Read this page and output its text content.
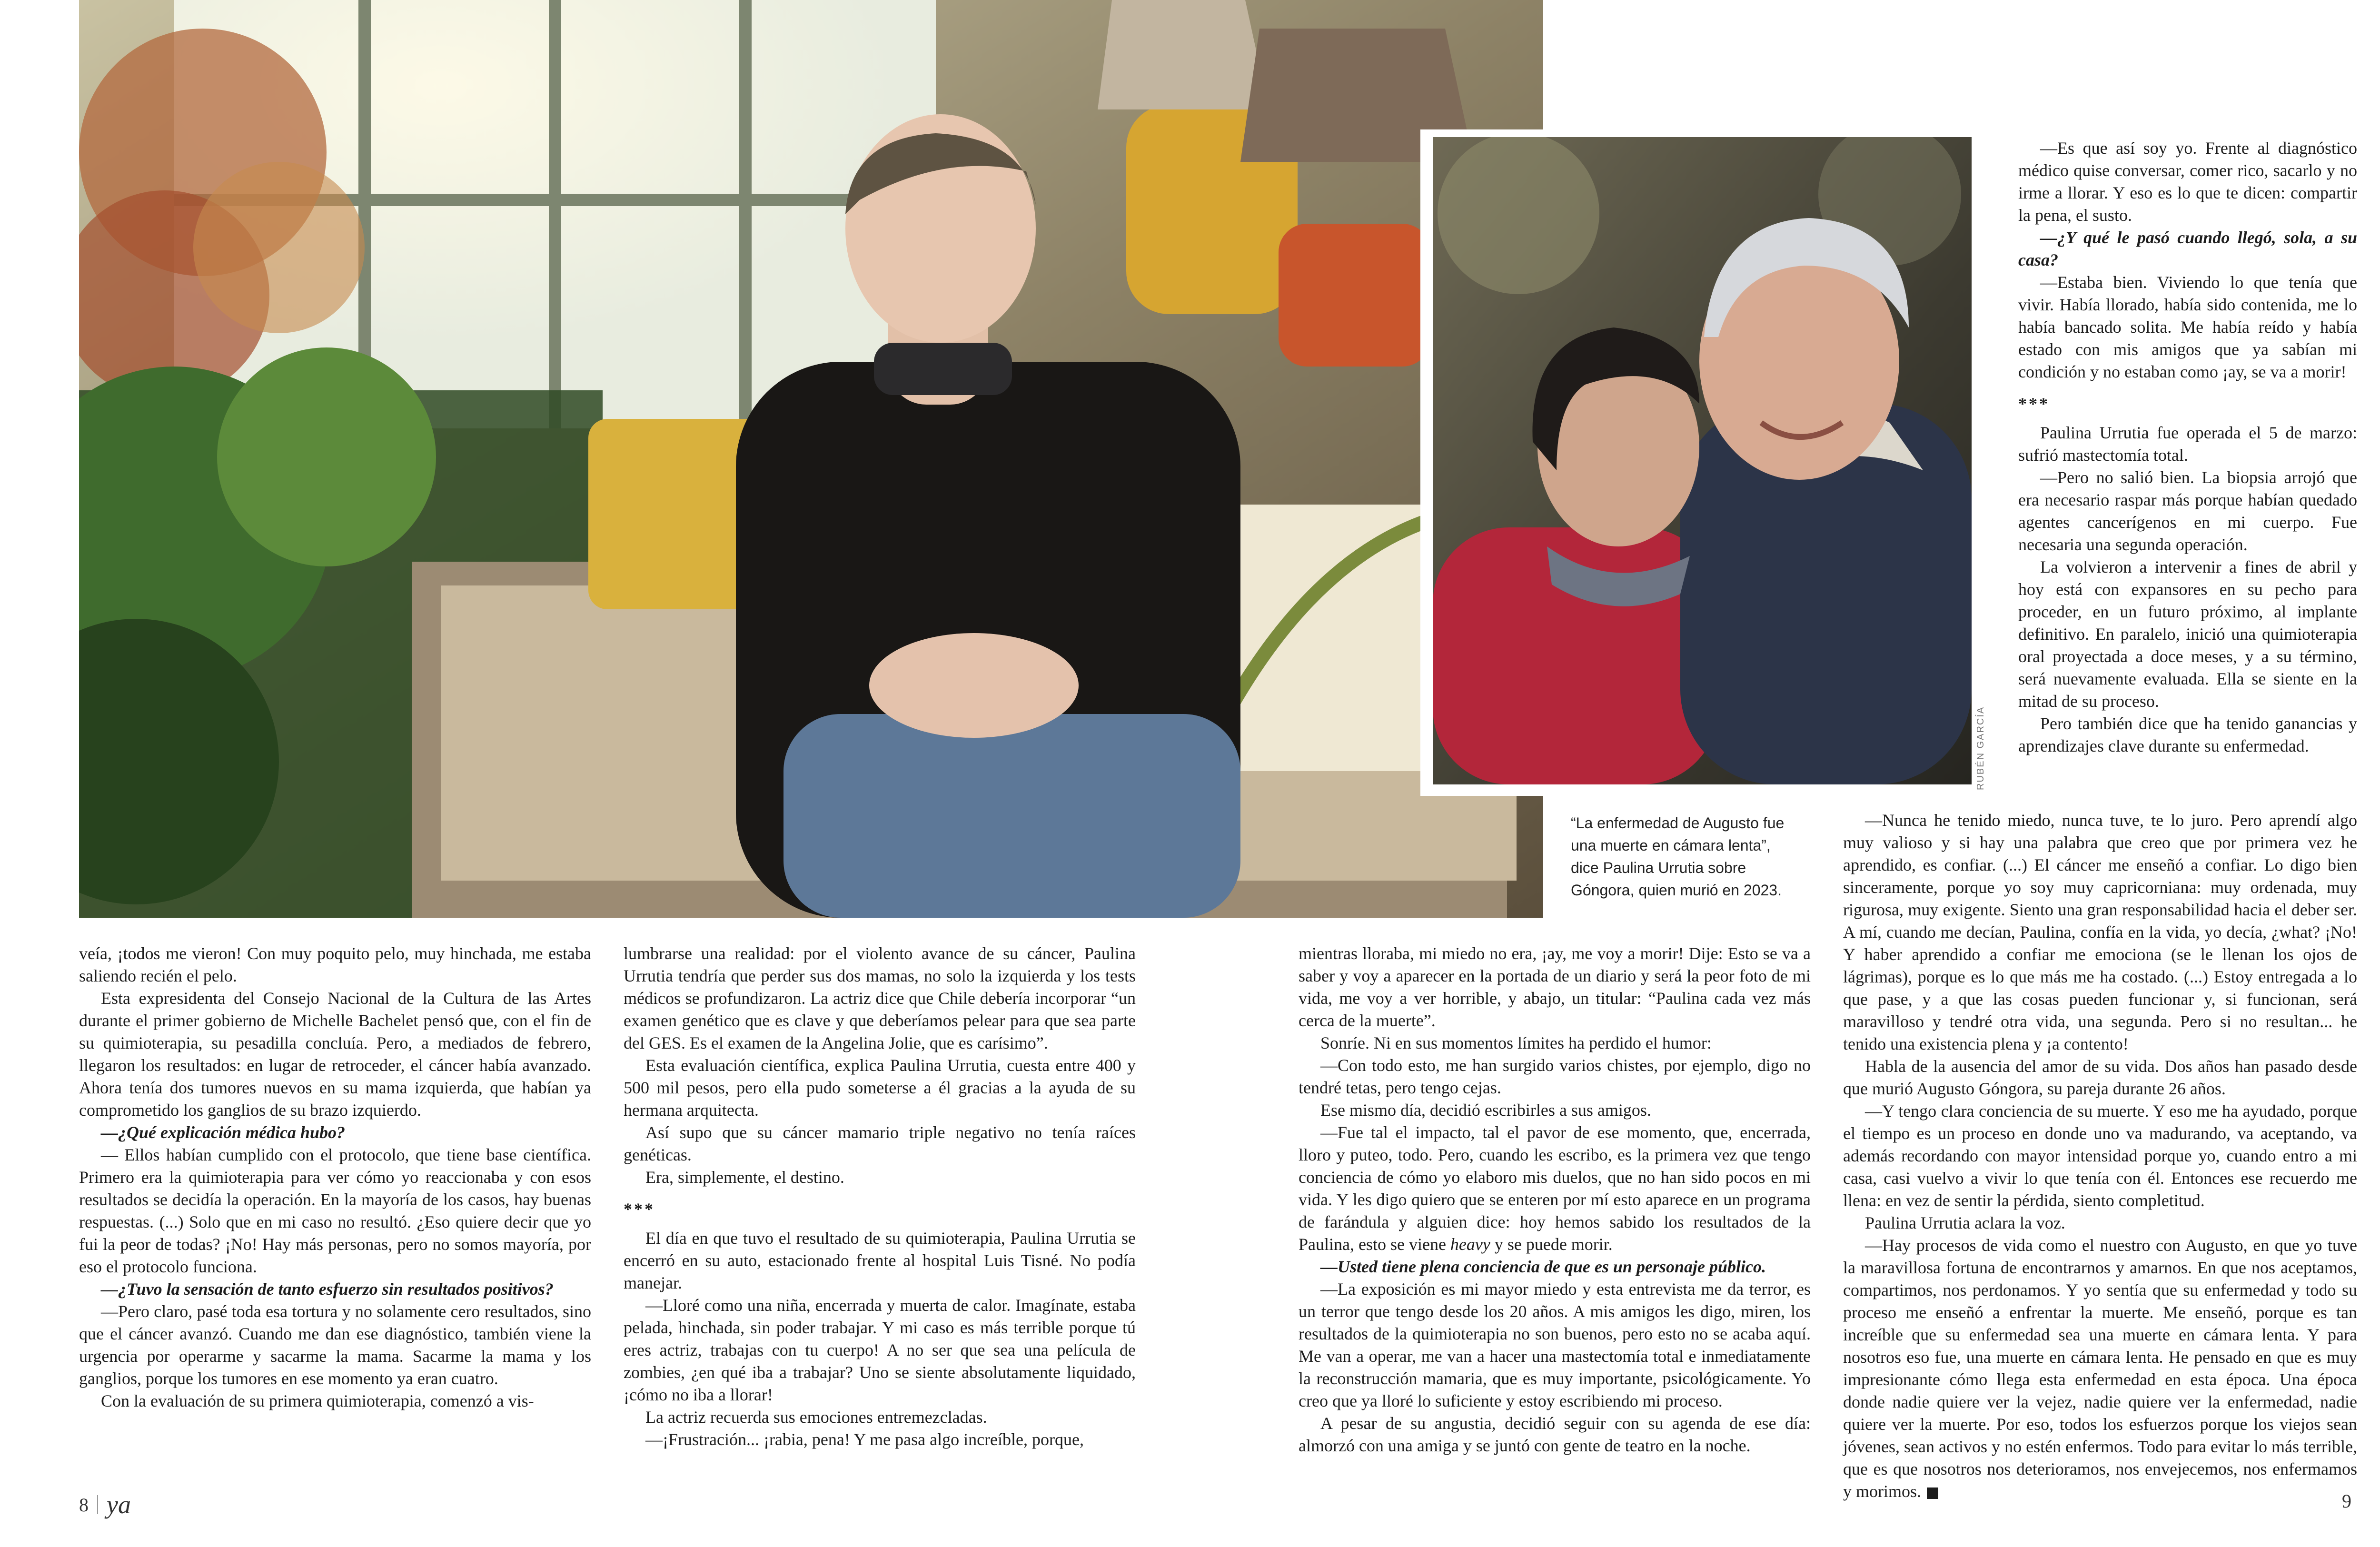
RUBÉN GARCÍA
“La enfermedad de Augusto fue una muerte en cámara lenta”, dice Paulina Urrutia sobre Góngora, quien murió en 2023.

veía, ¡todos me vieron! Con muy poquito pelo, muy hinchada, me estaba saliendo recién el pelo.

Esta expresidenta del Consejo Nacional de la Cultura de las Artes durante el primer gobierno de Michelle Bachelet pensó que, con el fin de su quimioterapia, su pesadilla concluía. Pero, a mediados de febrero, llegaron los resultados: en lugar de retroceder, el cáncer había avanzado. Ahora tenía dos tumores nuevos en su mama izquierda, que habían ya comprometido los ganglios de su brazo izquierdo.

—¿Qué explicación médica hubo?

— Ellos habían cumplido con el protocolo, que tiene base científica. Primero era la quimioterapia para ver cómo yo reaccionaba y con esos resultados se decidía la operación. En la mayoría de los casos, hay buenas respuestas. (...) Solo que en mi caso no resultó. ¿Eso quiere decir que yo fui la peor de todas? ¡No! Hay más personas, pero no somos mayoría, por eso el protocolo funciona.

—¿Tuvo la sensación de tanto esfuerzo sin resultados positivos?

—Pero claro, pasé toda esa tortura y no solamente cero resultados, sino que el cáncer avanzó. Cuando me dan ese diagnóstico, también viene la urgencia por operarme y sacarme la mama. Sacarme la mama y los ganglios, porque los tumores en ese momento ya eran cuatro.

Con la evaluación de su primera quimioterapia, comenzó a vis-

lumbrarse una realidad: por el violento avance de su cáncer, Paulina Urrutia tendría que perder sus dos mamas, no solo la izquierda y los tests médicos se profundizaron. La actriz dice que Chile debería incorporar “un examen genético que es clave y que deberíamos pelear para que sea parte del GES. Es el examen de la Angelina Jolie, que es carísimo”.

Esta evaluación científica, explica Paulina Urrutia, cuesta entre 400 y 500 mil pesos, pero ella pudo someterse a él gracias a la ayuda de su hermana arquitecta.

Así supo que su cáncer mamario triple negativo no tenía raíces genéticas.

Era, simplemente, el destino.

***

El día en que tuvo el resultado de su quimioterapia, Paulina Urrutia se encerró en su auto, estacionado frente al hospital Luis Tisné. No podía manejar.

—Lloré como una niña, encerrada y muerta de calor. Imagínate, estaba pelada, hinchada, sin poder trabajar. Y mi caso es más terrible porque tú eres actriz, trabajas con tu cuerpo! A no ser que sea una película de zombies, ¿en qué iba a trabajar? Uno se siente absolutamente liquidado, ¡cómo no iba a llorar!

La actriz recuerda sus emociones entremezcladas.

—¡Frustración... ¡rabia, pena! Y me pasa algo increíble, porque,

mientras lloraba, mi miedo no era, ¡ay, me voy a morir! Dije: Esto se va a saber y voy a aparecer en la portada de un diario y será la peor foto de mi vida, me voy a ver horrible, y abajo, un titular: “Paulina cada vez más cerca de la muerte”.

Sonríe. Ni en sus momentos límites ha perdido el humor:

—Con todo esto, me han surgido varios chistes, por ejemplo, digo no tendré tetas, pero tengo cejas.

Ese mismo día, decidió escribirles a sus amigos.

—Fue tal el impacto, tal el pavor de ese momento, que, encerrada, lloro y puteo, todo. Pero, cuando les escribo, es la primera vez que tengo conciencia de cómo yo elaboro mis duelos, que no han sido pocos en mi vida. Y les digo quiero que se enteren por mí esto aparece en un programa de farándula y alguien dice: hoy hemos sabido los resultados de la Paulina, esto se viene heavy y se puede morir.

—Usted tiene plena conciencia de que es un personaje público.

—La exposición es mi mayor miedo y esta entrevista me da terror, es un terror que tengo desde los 20 años. A mis amigos les digo, miren, los resultados de la quimioterapia no son buenos, pero esto no se acaba aquí. Me van a operar, me van a hacer una mastectomía total e inmediatamente la reconstrucción mamaria, que es muy importante, psicológicamente. Yo creo que ya lloré lo suficiente y estoy escribiendo mi proceso.

A pesar de su angustia, decidió seguir con su agenda de ese día: almorzó con una amiga y se juntó con gente de teatro en la noche.

—Es que así soy yo. Frente al diagnóstico médico quise conversar, comer rico, sacarlo y no irme a llorar. Y eso es lo que te dicen: compartir la pena, el susto.

—¿Y qué le pasó cuando llegó, sola, a su casa?

—Estaba bien. Viviendo lo que tenía que vivir. Había llorado, había sido contenida, me lo había bancado solita. Me había reído y había estado con mis amigos que ya sabían mi condición y no estaban como ¡ay, se va a morir!

***

Paulina Urrutia fue operada el 5 de marzo: sufrió mastectomía total.

—Pero no salió bien. La biopsia arrojó que era necesario raspar más porque habían quedado agentes cancerígenos en mi cuerpo. Fue necesaria una segunda operación.

La volvieron a intervenir a fines de abril y hoy está con expansores en su pecho para proceder, en un futuro próximo, al implante definitivo. En paralelo, inició una quimioterapia oral proyectada a doce meses, y a su término, será nuevamente evaluada. Ella se siente en la mitad de su proceso.

Pero también dice que ha tenido ganancias y aprendizajes clave durante su enfermedad.

—Nunca he tenido miedo, nunca tuve, te lo juro. Pero aprendí algo muy valioso y si hay una palabra que creo que por primera vez he aprendido, es confiar. (...) El cáncer me enseñó a confiar. Lo digo bien sinceramente, porque yo soy muy capricorniana: muy ordenada, muy rigurosa, muy exigente. Siento una gran responsabilidad hacia el deber ser. A mí, cuando me decían, Paulina, confía en la vida, yo decía, ¿what? ¡No! Y haber aprendido a confiar me emociona (se le llenan los ojos de lágrimas), porque es lo que más me ha costado. (...) Estoy entregada a lo que pase, y a que las cosas pueden funcionar y, si funcionan, será maravilloso y tendré otra vida, una segunda. Pero si no resultan... he tenido una existencia plena y ¡a contento!

Habla de la ausencia del amor de su vida. Dos años han pasado desde que murió Augusto Góngora, su pareja durante 26 años.

—Y tengo clara conciencia de su muerte. Y eso me ha ayudado, porque el tiempo es un proceso en donde uno va madurando, va aceptando, va además recordando con mayor intensidad porque yo, cuando entro a mi casa, casi vuelvo a vivir lo que tenía con él. Entonces ese recuerdo me llena: en vez de sentir la pérdida, siento completitud.

Paulina Urrutia aclara la voz.

—Hay procesos de vida como el nuestro con Augusto, en que yo tuve la maravillosa fortuna de encontrarnos y amarnos. En que nos aceptamos, compartimos, nos perdonamos. Y yo sentía que su enfermedad y todo su proceso me enseñó a enfrentar la muerte. Me enseñó, porque es tan increíble que su enfermedad sea una muerte en cámara lenta. Y para nosotros eso fue, una muerte en cámara lenta. He pensado en que es muy impresionante cómo llega esta enfermedad en esta época. Una época donde nadie quiere ver la vejez, nadie quiere ver la enfermedad, nadie quiere ver la muerte. Por eso, todos los esfuerzos porque los viejos sean jóvenes, sean activos y no estén enfermos. Todo para evitar lo más terrible, que es que nosotros nos deterioramos, nos envejecemos, nos enfermamos y morimos.

8 ya	9
